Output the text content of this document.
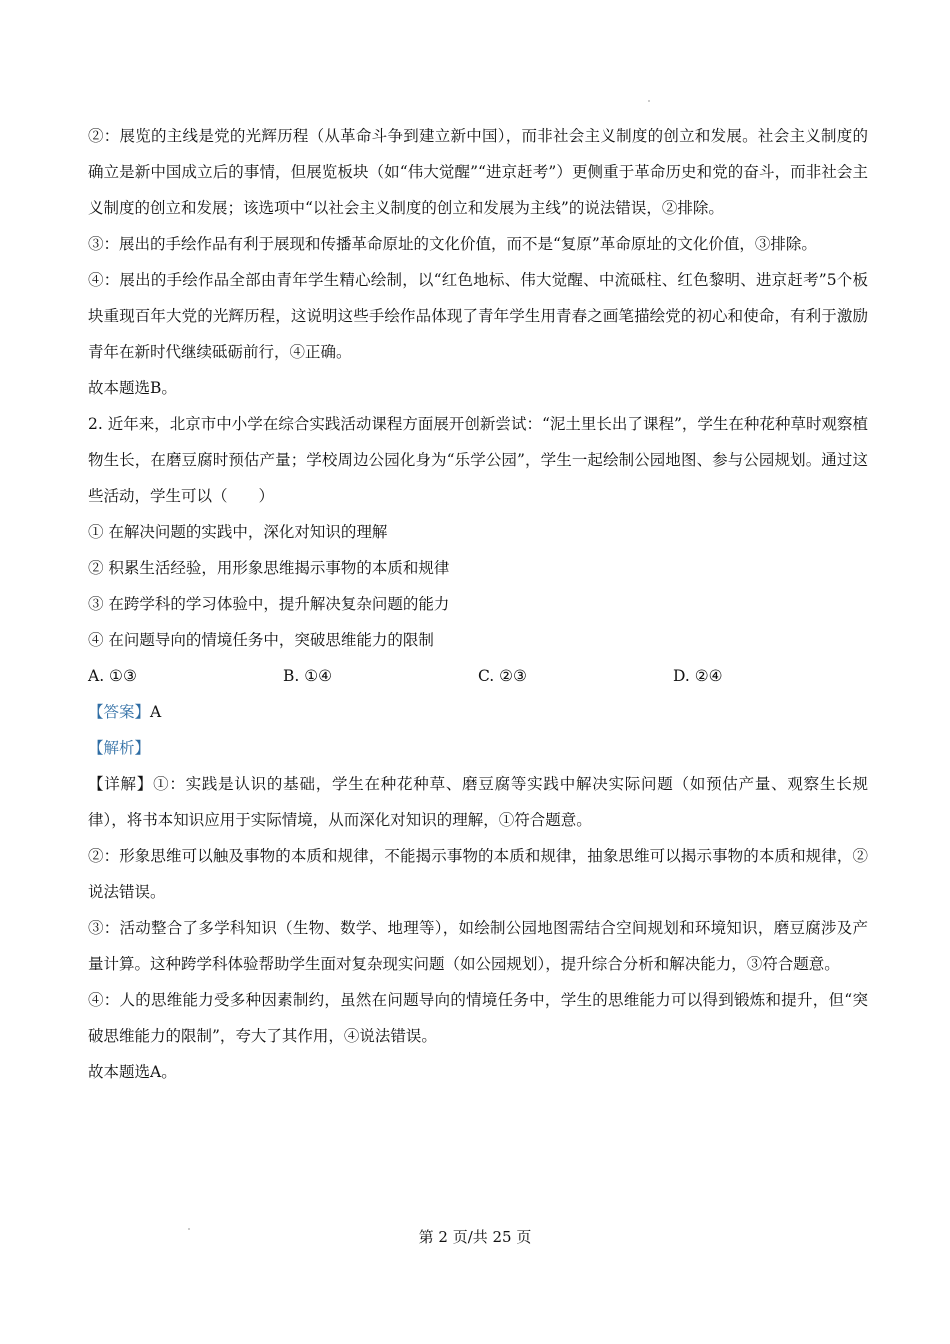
②：展览的主线是党的光辉历程（从革命斗争到建立新中国），而非社会主义制度的创立和发展。社会主义制度的确立是新中国成立后的事情，但展览板块（如“伟大觉醒”“进京赶考”）更侧重于革命历史和党的奋斗，而非社会主义制度的创立和发展；该选项中“以社会主义制度的创立和发展为主线”的说法错误，②排除。

③：展出的手绘作品有利于展现和传播革命原址的文化价值，而不是“复原”革命原址的文化价值，③排除。

④：展出的手绘作品全部由青年学生精心绘制，以“红色地标、伟大觉醒、中流砥柱、红色黎明、进京赶考”5个板块重现百年大党的光辉历程，这说明这些手绘作品体现了青年学生用青春之画笔描绘党的初心和使命，有利于激励青年在新时代继续砥砺前行，④正确。

故本题选B。

2. 近年来，北京市中小学在综合实践活动课程方面展开创新尝试：“泥土里长出了课程”，学生在种花种草时观察植物生长，在磨豆腐时预估产量；学校周边公园化身为“乐学公园”，学生一起绘制公园地图、参与公园规划。通过这些活动，学生可以（　　）

① 在解决问题的实践中，深化对知识的理解

② 积累生活经验，用形象思维揭示事物的本质和规律

③ 在跨学科的学习体验中，提升解决复杂问题的能力

④ 在问题导向的情境任务中，突破思维能力的限制

A. ①③	B. ①④	C. ②③	D. ②④

【答案】A

【解析】

【详解】①：实践是认识的基础，学生在种花种草、磨豆腐等实践中解决实际问题（如预估产量、观察生长规律），将书本知识应用于实际情境，从而深化对知识的理解，①符合题意。

②：形象思维可以触及事物的本质和规律，不能揭示事物的本质和规律，抽象思维可以揭示事物的本质和规律，②说法错误。

③：活动整合了多学科知识（生物、数学、地理等），如绘制公园地图需结合空间规划和环境知识，磨豆腐涉及产量计算。这种跨学科体验帮助学生面对复杂现实问题（如公园规划），提升综合分析和解决能力，③符合题意。

④：人的思维能力受多种因素制约，虽然在问题导向的情境任务中，学生的思维能力可以得到锻炼和提升，但“突破思维能力的限制”，夸大了其作用，④说法错误。

故本题选A。

第 2 页/共 25 页
